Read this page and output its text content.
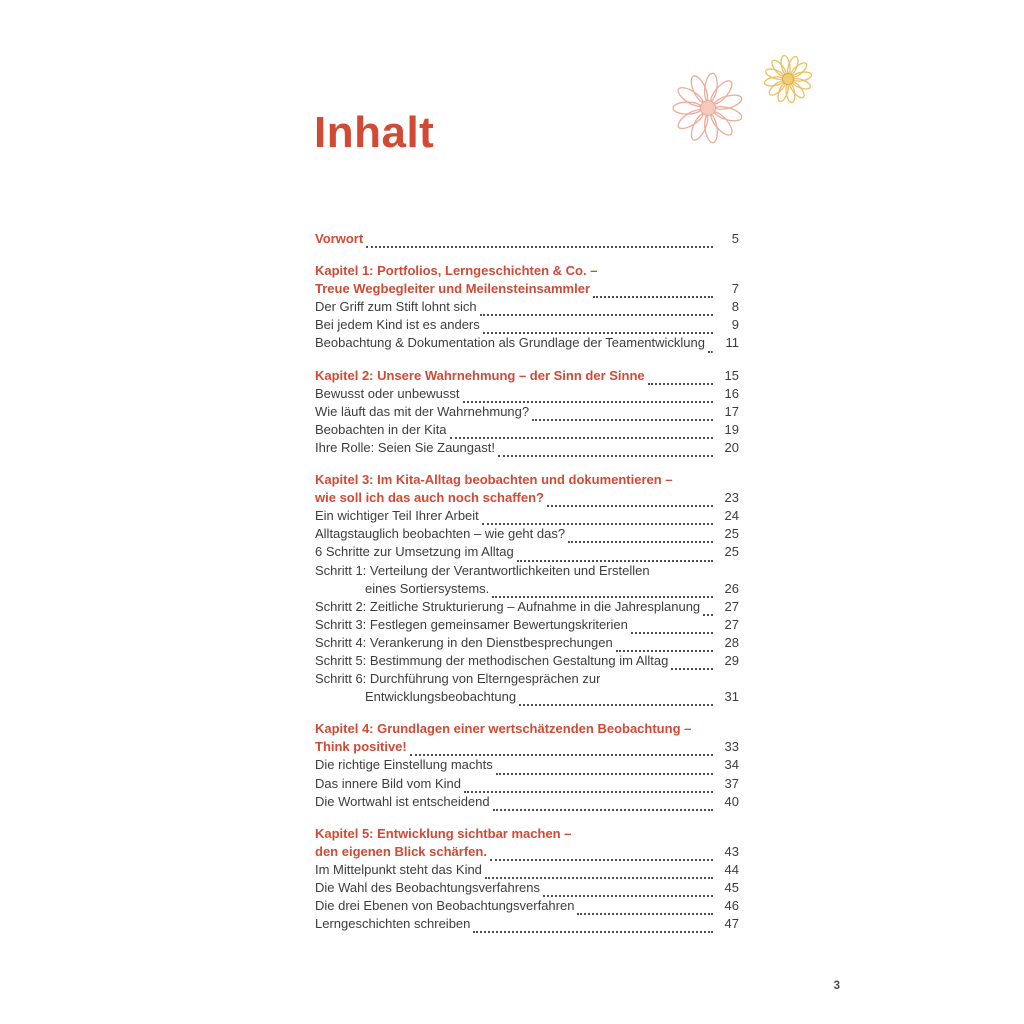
Inhalt
Vorwort	5
Kapitel 1: Portfolios, Lerngeschichten & Co. –
Treue Wegbegleiter und Meilensteinsammler	7
Der Griff zum Stift lohnt sich	8
Bei jedem Kind ist es anders	9
Beobachtung & Dokumentation als Grundlage der Teamentwicklung	11
Kapitel 2: Unsere Wahrnehmung – der Sinn der Sinne	15
Bewusst oder unbewusst	16
Wie läuft das mit der Wahrnehmung?	17
Beobachten in der Kita	19
Ihre Rolle: Seien Sie Zaungast!	20
Kapitel 3: Im Kita-Alltag beobachten und dokumentieren –
wie soll ich das auch noch schaffen?	23
Ein wichtiger Teil Ihrer Arbeit	24
Alltagstauglich beobachten – wie geht das?	25
6 Schritte zur Umsetzung im Alltag	25
Schritt 1: Verteilung der Verantwortlichkeiten und Erstellen
eines Sortiersystems.	26
Schritt 2: Zeitliche Strukturierung – Aufnahme in die Jahresplanung	27
Schritt 3: Festlegen gemeinsamer Bewertungskriterien	27
Schritt 4: Verankerung in den Dienstbesprechungen	28
Schritt 5: Bestimmung der methodischen Gestaltung im Alltag	29
Schritt 6: Durchführung von Elterngesprächen zur
Entwicklungsbeobachtung	31
Kapitel 4: Grundlagen einer wertschätzenden Beobachtung –
Think positive!	33
Die richtige Einstellung machts	34
Das innere Bild vom Kind	37
Die Wortwahl ist entscheidend	40
Kapitel 5: Entwicklung sichtbar machen –
den eigenen Blick schärfen.	43
Im Mittelpunkt steht das Kind	44
Die Wahl des Beobachtungsverfahrens	45
Die drei Ebenen von Beobachtungsverfahren	46
Lerngeschichten schreiben	47
3
